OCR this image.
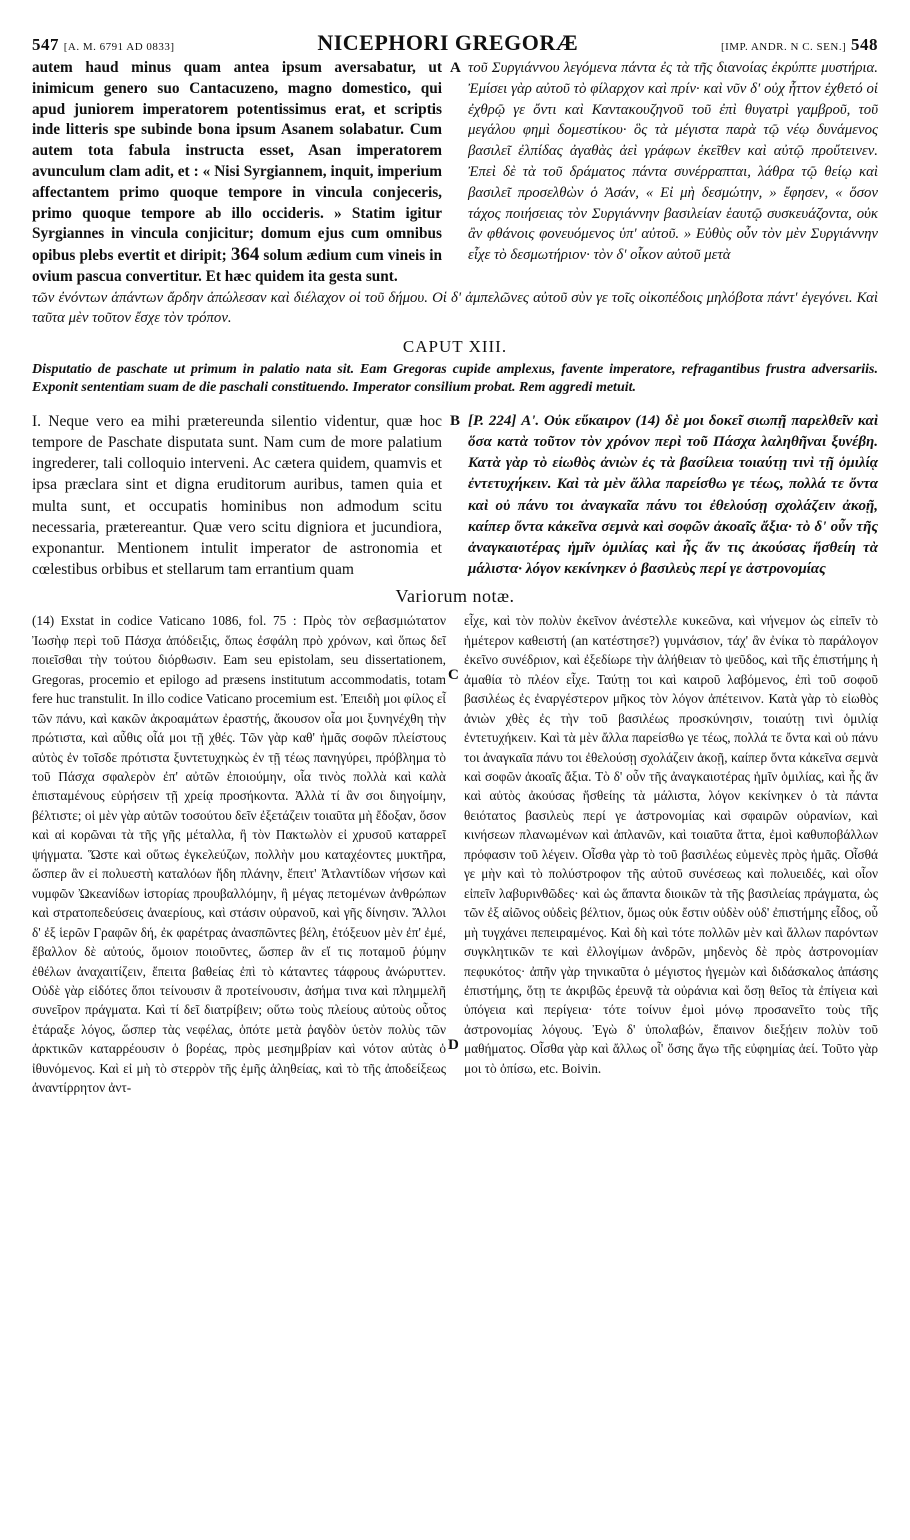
547 [A. M. 6791 AD 0833]	NICEPHORI GREGORÆ	[IMP. ANDR. N C. SEN.] 548

autem haud minus quam antea ipsum aversabatur, ut inimicum genero suo Cantacuzeno, magno domestico, qui apud juniorem imperatorem potentissimus erat, et scriptis inde litteris spe subinde bona ipsum Asanem solabatur. Cum autem tota fabula instructa esset, Asan imperatorem avunculum clam adit, et : « Nisi Syrgiannem, inquit, imperium affectantem primo quoque tempore in vincula conjeceris, primo quoque tempore ab illo occideris. » Statim igitur Syrgiannes in vincula conjicitur; domum ejus cum omnibus opibus plebs evertit et diripit; 364 solum ædium cum vineis in ovium pascua convertitur. Et hæc quidem ita gesta sunt.

A τοῦ Συργιάννου λεγόμενα πάντα ἐς τὰ τῆς διανοίας ἐκρύπτε μυστήρια. Ἐμίσει γὰρ αὐτοῦ τὸ φίλαρχον καὶ πρίν· καὶ νῦν δ' οὐχ ἧττον ἐχθετό οἱ ἐχθρῷ γε ὄντι καὶ Καντακουζηνοῦ τοῦ ἐπὶ θυγατρὶ γαμβροῦ, τοῦ μεγάλου φημὶ δομεστίκου· ὃς τὰ μέγιστα παρὰ τῷ νέῳ δυνάμενος βασιλεῖ ἐλπίδας ἀγαθὰς ἀεὶ γράφων ἐκεῖθεν καὶ αὐτῷ προὔτεινεν. Ἐπεὶ δὲ τὰ τοῦ δράματος πάντα συνέρραπται, λάθρα τῷ θείῳ καὶ βασιλεῖ προσελθὼν ὁ Ἀσάν, « Εἰ μὴ δεσμώτην, » ἔφησεν, « ὅσον τάχος ποιήσειας τὸν Συργιάννην βασιλείαν ἑαυτῷ συσκευάζοντα, οὐκ ἂν φθάνοις φονευόμενος ὑπ' αὐτοῦ. » Εὐθὺς οὖν τὸν μὲν Συργιάννην εἶχε τὸ δεσμωτήριον· τὸν δ' οἶκον αὐτοῦ μετὰ

τῶν ἐνόντων ἁπάντων ἄρδην ἀπώλεσαν καὶ διέλαχον οἱ τοῦ δήμου. Οἱ δ' ἀμπελῶνες αὐτοῦ σὺν γε τοῖς οἰκοπέδοις μηλόβοτα πάντ' ἐγεγόνει. Καὶ ταῦτα μὲν τοῦτον ἔσχε τὸν τρόπον.

CAPUT XIII.

Disputatio de paschate ut primum in palatio nata sit. Eam Gregoras cupide amplexus, favente imperatore, refragantibus frustra adversariis. Exponit sententiam suam de die paschali constituendo. Imperator consilium probat. Rem aggredi metuit.

I. Neque vero ea mihi prætereunda silentio videntur, quæ hoc tempore de Paschate disputata sunt. Nam cum de more palatium ingrederer, tali colloquio interveni. Ac cætera quidem, quamvis et ipsa præclara sint et digna eruditorum auribus, tamen quia et multa sunt, et occupatis hominibus non admodum scitu necessaria, prætereantur. Quæ vero scitu digniora et jucundiora, exponantur. Mentionem intulit imperator de astronomia et cœlestibus orbibus et stellarum tam errantium quam

B [P. 224] Α'. Οὐκ εὔκαιρον (14) δὲ μοι δοκεῖ σιωπῇ παρελθεῖν καὶ ὅσα κατὰ τοῦτον τὸν χρόνον περὶ τοῦ Πάσχα λαληθῆναι ξυνέβη. Κατὰ γὰρ τὸ εἰωθὸς ἀνιὼν ἐς τὰ βασίλεια τοιαύτῃ τινὶ τῇ ὁμιλίᾳ ἐντετυχήκειν. Καὶ τὰ μὲν ἄλλα παρείσθω γε τέως, πολλά τε ὄντα καὶ οὐ πάνυ τοι ἀναγκαῖα πάνυ τοι ἐθελούσῃ σχολάζειν ἀκοῇ, καίπερ ὄντα κἀκεῖνα σεμνὰ καὶ σοφῶν ἀκοαῖς ἄξια· τὸ δ' οὖν τῆς ἀναγκαιοτέρας ἡμῖν ὁμιλίας καὶ ἧς ἄν τις ἀκούσας ἥσθείη τὰ μάλιστα· λόγον κεκίνηκεν ὁ βασιλεὺς περί γε ἀστρονομίας

Variorum notæ.

(14) Exstat in codice Vaticano 1086, fol. 75 : Πρὸς τὸν σεβασμιώτατον Ἰωσὴφ περὶ τοῦ Πάσχα ἀπόδειξις, ὅπως ἐσφάλη πρὸ χρόνων, καὶ ὅπως δεῖ ποιεῖσθαι τὴν τούτου διόρθωσιν. Eam seu epistolam, seu dissertationem, Gregoras, procemio et epilogo ad præsens institutum accommodatis, totam fere huc transtulit. In illo codice Vaticano procemium est. Ἐπειδὴ μοι φίλος εἶ τῶν πάνυ, καὶ κακῶν ἀκροαμάτων ἐραστής, ἄκουσον οἷα μοι ξυνηνέχθη τὴν πρώτιστα, καὶ αὖθις οἷά μοι τῇ χθές. Τῶν γὰρ καθ' ἡμᾶς σοφῶν πλείστους αὐτὸς ἐν τοῖσδε πρότιστα ξυντετυχηκὼς ἐν τῇ τέως πανηγύρει, πρόβλημα τὸ τοῦ Πάσχα σφαλερὸν ἐπ' αὐτῶν ἐποιούμην, οἷα τινὸς πολλὰ καὶ καλὰ ἐπισταμένους εὑρήσειν τῇ χρείᾳ προσήκοντα. Ἀλλὰ τί ἂν σοι διηγοίμην, βέλτιστε; οἱ μὲν γὰρ αὐτῶν τοσούτου δεῖν ἐξετάζειν τοιαῦτα μὴ ἔδοξαν, ὅσον καὶ αἱ κορῶναι τὰ τῆς γῆς μέταλλα, ἢ τὸν Πακτωλὸν εἰ χρυσοῦ καταρρεῖ ψήγματα. Ὥστε καὶ οὕτως ἐγκελεύζων, πολλὴν μου καταχέοντες μυκτῆρα, ὥσπερ ἂν εἰ πολυεστὴ καταλόων ἤδη πλάνην, ἔπειτ' Ἀτλαντίδων νήσων καὶ νυμφῶν Ὠκεανίδων ἱστορίας προυβαλλόμην, ἢ μέγας πετομένων ἀνθρώπων καὶ στρατοπεδεύσεις ἀναερίους, καὶ στάσιν οὐρανοῦ, καὶ γῆς δίνησιν. Ἄλλοι δ' ἐξ ἱερῶν Γραφῶν δή, ἐκ φαρέτρας ἀνασπῶντες βέλη, ἐτόξευον μὲν ἐπ' ἐμέ, ἔβαλλον δὲ αὐτούς, ὅμοιον ποιοῦντες, ὥσπερ ἂν εἴ τις ποταμοῦ ῥύμην ἐθέλων ἀναχαιτίζειν, ἔπειτα βαθείας ἐπὶ τὸ κάταντες τάφρους ἀνώρυττεν. Οὐδὲ γὰρ εἰδότες ὅποι τείνουσιν ἃ προτείνουσιν, ἀσήμα τινα καὶ πλημμελῆ συνεῖρον πράγματα. Καὶ τί δεῖ διατρίβειν; οὕτω τοὺς πλείους αὐτοὺς οὗτος ἐτάραξε λόγος, ὥσπερ τὰς νεφέλας, ὁπότε μετὰ ῥαγδὸν ὑετὸν πολὺς τῶν ἀρκτικῶν καταρρέουσιν ὁ βορέας, πρὸς μεσημβρίαν καὶ νότον αὐτὰς ὁ ἰθυνόμενος. Καὶ εἰ μὴ τὸ στερρὸν τῆς ἐμῆς ἀληθείας, καὶ τὸ τῆς ἀποδείξεως ἀναντίρρητον ἀντ-

C
D

εἶχε, καὶ τὸν πολὺν ἐκεῖνον ἀνέστελλε κυκεῶνα, καὶ νήνεμον ὡς εἰπεῖν τὸ ἡμέτερον καθειστή (an κατέστησε?) γυμνάσιον, τάχ' ἂν ἐνίκα τὸ παράλογον ἐκεῖνο συνέδριον, καὶ ἐξεδίωρε τὴν ἀλήθειαν τὸ ψεῦδος, καὶ τῆς ἐπιστήμης ἡ ἀμαθία τὸ πλέον εἶχε. Ταύτῃ τοι καὶ καιροῦ λαβόμενος, ἐπὶ τοῦ σοφοῦ βασιλέως ἐς ἐναργέστερον μῆκος τὸν λόγον ἀπέτεινον. Κατὰ γὰρ τὸ εἰωθὸς ἀνιὼν χθὲς ἐς τὴν τοῦ βασιλέως προσκύνησιν, τοιαύτῃ τινὶ ὁμιλίᾳ ἐντετυχήκειν. Καὶ τὰ μὲν ἄλλα παρείσθω γε τέως, πολλά τε ὄντα καὶ οὐ πάνυ τοι ἀναγκαῖα πάνυ τοι ἐθελούσῃ σχολάζειν ἀκοῇ, καίπερ ὄντα κἀκεῖνα σεμνὰ καὶ σοφῶν ἀκοαῖς ἄξια. Τὸ δ' οὖν τῆς ἀναγκαιοτέρας ἡμῖν ὁμιλίας, καὶ ἧς ἄν καὶ αὐτὸς ἀκούσας ἥσθείης τὰ μάλιστα, λόγον κεκίνηκεν ὁ τὰ πάντα θειότατος βασιλεὺς περί γε ἀστρονομίας καὶ σφαιρῶν οὐρανίων, καὶ κινήσεων πλανωμένων καὶ ἀπλανῶν, καὶ τοιαῦτα ἄττα, ἐμοὶ καθυποβάλλων πρόφασιν τοῦ λέγειν. Οἶσθα γὰρ τὸ τοῦ βασιλέως εὐμενὲς πρὸς ἡμᾶς. Οἶσθά γε μὴν καὶ τὸ πολύστροφον τῆς αὐτοῦ συνέσεως καὶ πολυειδές, καὶ οἷον εἰπεῖν λαβυρινθῶδες· καὶ ὡς ἅπαντα διοικῶν τὰ τῆς βασιλείας πράγματα, ὡς τῶν ἐξ αἰῶνος οὐδεὶς βέλτιον, ὅμως οὐκ ἔστιν οὐδὲν οὐδ' ἐπιστήμης εἶδος, οὗ μὴ τυγχάνει πεπειραμένος. Καὶ δὴ καὶ τότε πολλῶν μὲν καὶ ἄλλων παρόντων συγκλητικῶν τε καὶ ἐλλογίμων ἀνδρῶν, μηδενὸς δὲ πρὸς ἀστρονομίαν πεφυκότος· ἀπῆν γὰρ τηνικαῦτα ὁ μέγιστος ἡγεμὼν καὶ διδάσκαλος ἁπάσης ἐπιστήμης, ὅτῃ τε ἀκριβῶς ἐρευνᾷ τὰ οὐράνια καὶ ὅσῃ θεῖος τὰ ἐπίγεια καὶ ὑπόγεια καὶ περίγεια· τότε τοίνυν ἐμοὶ μόνῳ προσανεῖτο τοὺς τῆς ἀστρονομίας λόγους. Ἐγὼ δ' ὑπολαβών, ἔπαινον διεξῄειν πολὺν τοῦ μαθήματος. Οἶσθα γὰρ καὶ ἄλλως οἷ' ὅσης ἄγω τῆς εὐφημίας ἀεί. Τοῦτο γὰρ μοι τὸ ὀπίσω, etc. Boivin.
